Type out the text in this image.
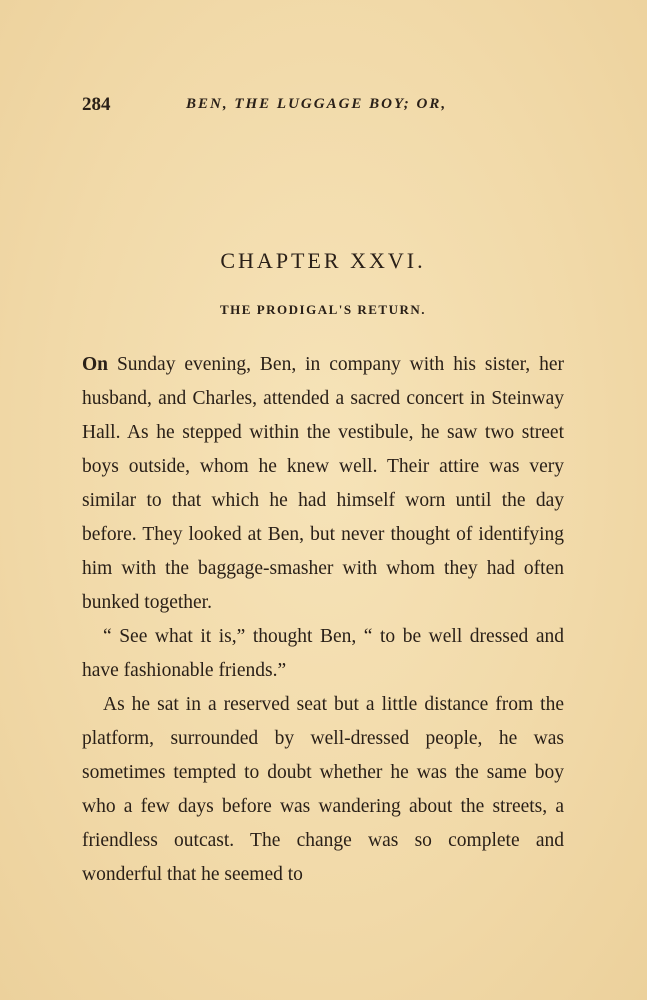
284	BEN, THE LUGGAGE BOY; OR,
CHAPTER XXVI.
THE PRODIGAL'S RETURN.

On Sunday evening, Ben, in company with his sister, her husband, and Charles, attended a sacred concert in Steinway Hall. As he stepped within the vestibule, he saw two street boys outside, whom he knew well. Their attire was very similar to that which he had himself worn until the day before. They looked at Ben, but never thought of identifying him with the baggage-smasher with whom they had often bunked together.

“ See what it is,” thought Ben, “ to be well dressed and have fashionable friends.”

As he sat in a reserved seat but a little distance from the platform, surrounded by well-dressed people, he was sometimes tempted to doubt whether he was the same boy who a few days before was wandering about the streets, a friendless outcast. The change was so complete and wonderful that he seemed to
